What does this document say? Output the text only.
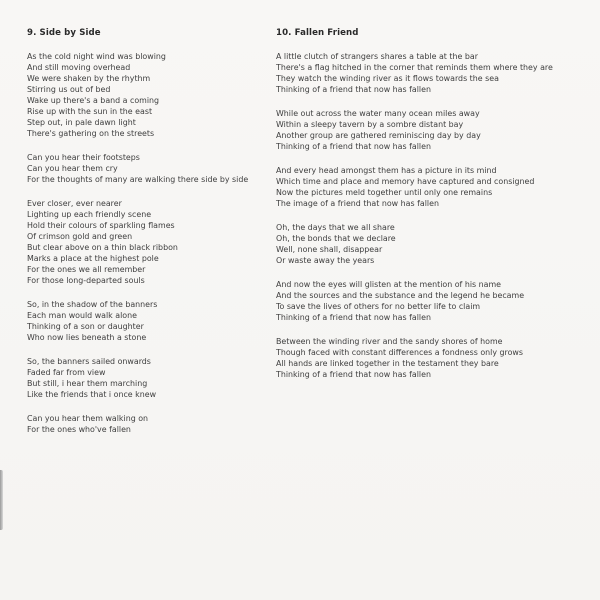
9. Side by Side
As the cold night wind was blowing
And still moving overhead
We were shaken by the rhythm
Stirring us out of bed
Wake up there's a band a coming
Rise up with the sun in the east
Step out, in pale dawn light
There's gathering on the streets
Can you hear their footsteps
Can you hear them cry
For the thoughts of many are walking there side by side
Ever closer, ever nearer
Lighting up each friendly scene
Hold their colours of sparkling flames
Of crimson gold and green
But clear above on a thin black ribbon
Marks a place at the highest pole
For the ones we all remember
For those long-departed souls
So, in the shadow of the banners
Each man would walk alone
Thinking of a son or daughter
Who now lies beneath a stone
So, the banners sailed onwards
Faded far from view
But still, i hear them marching
Like the friends that i once knew
Can you hear them walking on
For the ones who've fallen
10. Fallen Friend
A little clutch of strangers shares a table at the bar
There's a flag hitched in the corner that reminds them where they are
They watch the winding river as it flows towards the sea
Thinking of a friend that now has fallen
While out across the water many ocean miles away
Within a sleepy tavern by a sombre distant bay
Another group are gathered reminiscing day by day
Thinking of a friend that now has fallen
And every head amongst them has a picture in its mind
Which time and place and memory have captured and consigned
Now the pictures meld together until only one remains
The image of a friend that now has fallen
Oh, the days that we all share
Oh, the bonds that we declare
Well, none shall, disappear
Or waste away the years
And now the eyes will glisten at the mention of his name
And the sources and the substance and the legend he became
To save the lives of others for no better life to claim
Thinking of a friend that now has fallen
Between the winding river and the sandy shores of home
Though faced with constant differences a fondness only grows
All hands are linked together in the testament they bare
Thinking of a friend that now has fallen
